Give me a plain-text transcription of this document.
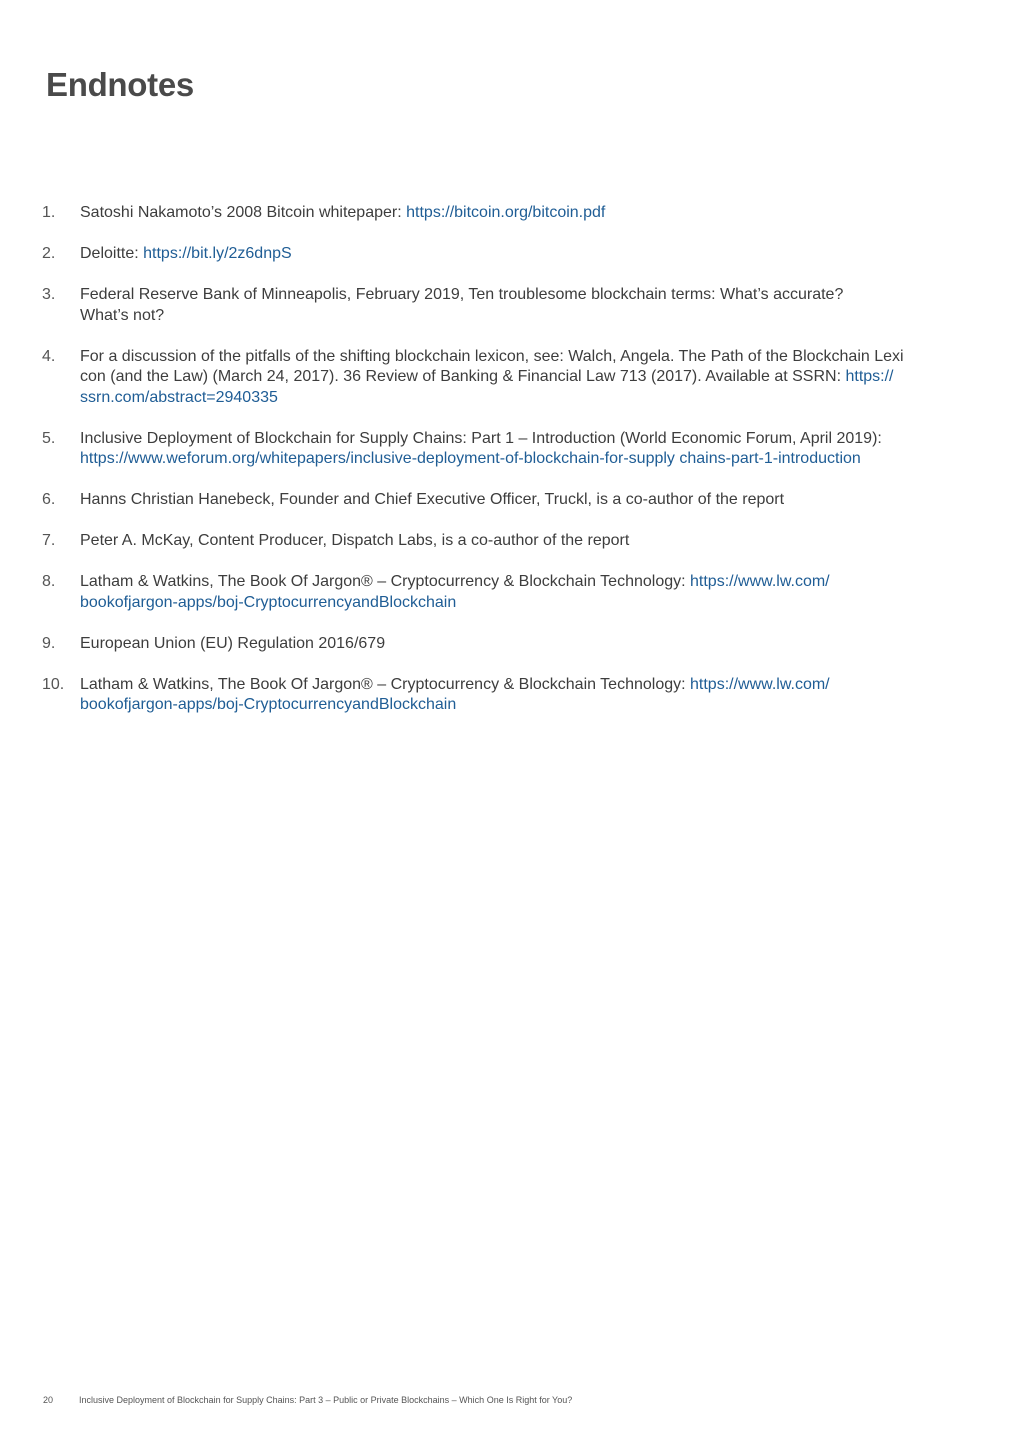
Endnotes
1.	Satoshi Nakamoto’s 2008 Bitcoin whitepaper: https://bitcoin.org/bitcoin.pdf
2.	Deloitte: https://bit.ly/2z6dnpS
3.	Federal Reserve Bank of Minneapolis, February 2019, Ten troublesome blockchain terms: What’s accurate?
What’s not?
4.	For a discussion of the pitfalls of the shifting blockchain lexicon, see: Walch, Angela. The Path of the Blockchain Lexi
con (and the Law) (March 24, 2017). 36 Review of Banking & Financial Law 713 (2017). Available at SSRN: https://
ssrn.com/abstract=2940335
5.	Inclusive Deployment of Blockchain for Supply Chains: Part 1 – Introduction (World Economic Forum, April 2019):
https://www.weforum.org/whitepapers/inclusive-deployment-of-blockchain-for-supply chains-part-1-introduction
6.	Hanns Christian Hanebeck, Founder and Chief Executive Officer, Truckl, is a co-author of the report
7.	Peter A. McKay, Content Producer, Dispatch Labs, is a co-author of the report
8.	Latham & Watkins, The Book Of Jargon® – Cryptocurrency & Blockchain Technology: https://www.lw.com/
bookofjargon-apps/boj-CryptocurrencyandBlockchain
9.	European Union (EU) Regulation 2016/679
10. Latham & Watkins, The Book Of Jargon® – Cryptocurrency & Blockchain Technology: https://www.lw.com/
bookofjargon-apps/boj-CryptocurrencyandBlockchain
20	Inclusive Deployment of Blockchain for Supply Chains: Part 3 – Public or Private Blockchains – Which One Is Right for You?
